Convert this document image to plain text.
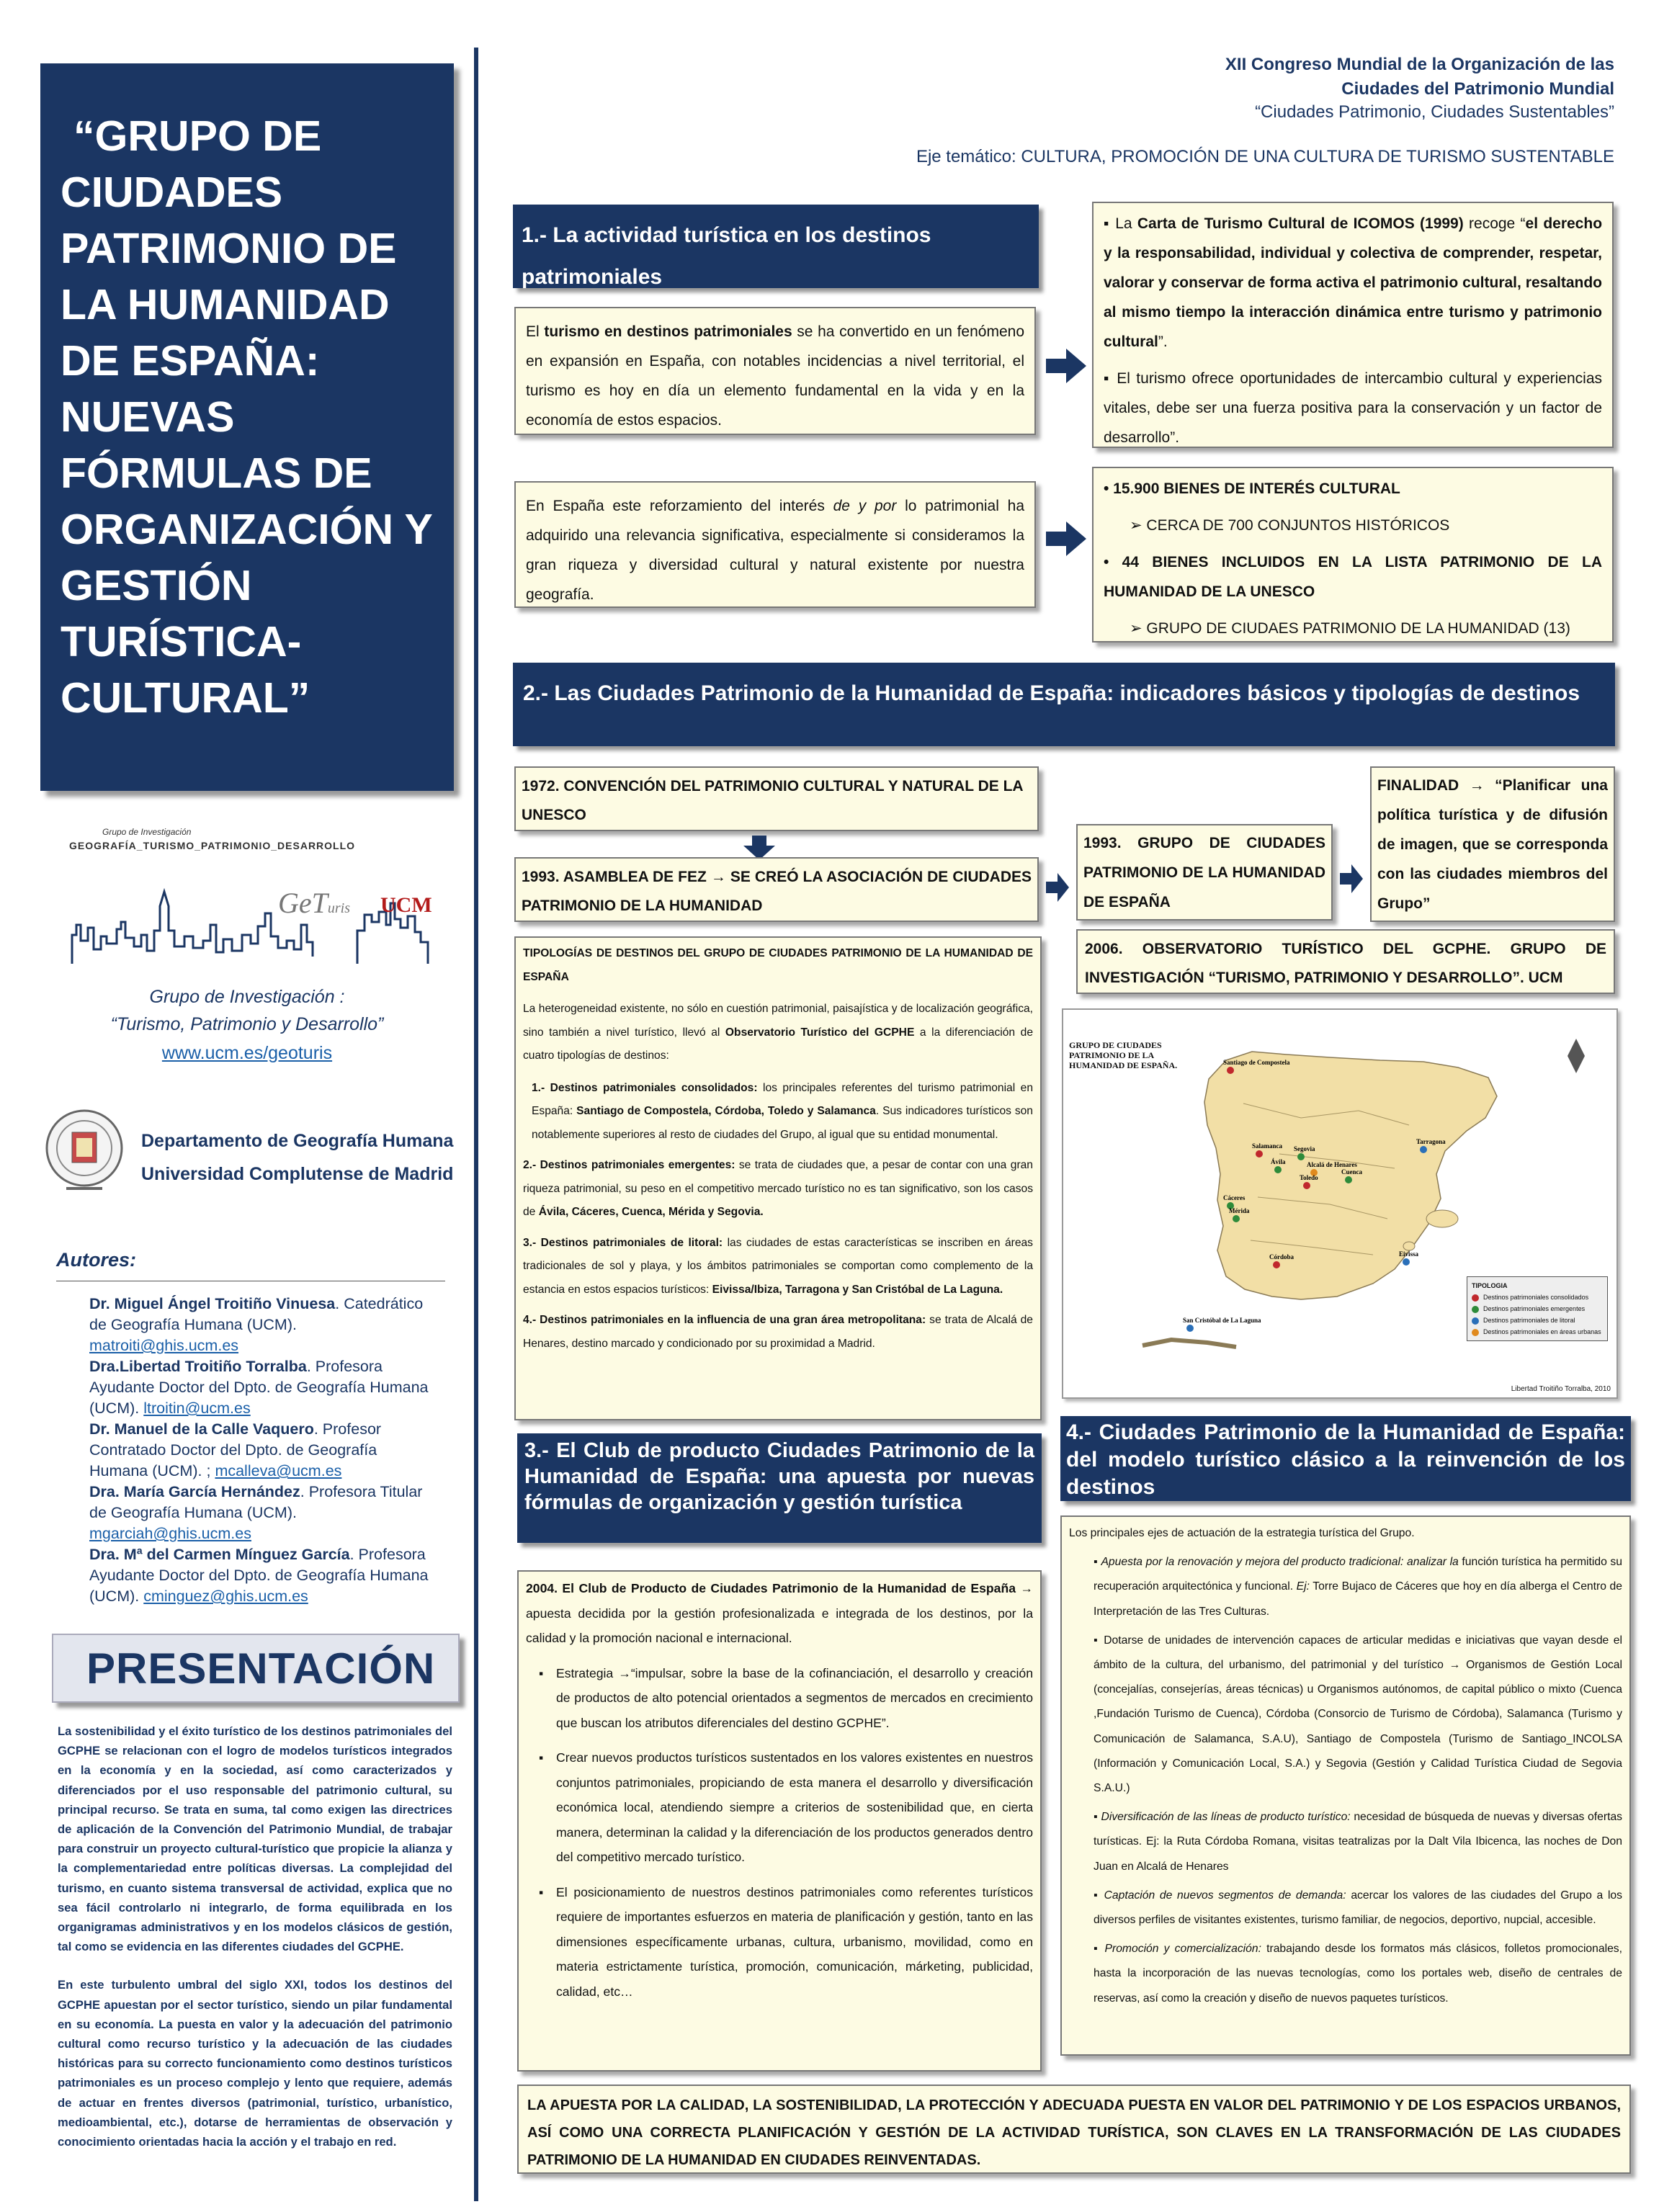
“GRUPO DE CIUDADES PATRIMONIO DE LA HUMANIDAD DE ESPAÑA: NUEVAS FÓRMULAS DE ORGANIZACIÓN Y GESTIÓN TURÍSTICA-CULTURAL”
Grupo de Investigación
GEOGRAFÍA_TURISMO_PATRIMONIO_DESARROLLO
GeTuris UCM
Grupo de Investigación :
“Turismo, Patrimonio y Desarrollo”
www.ucm.es/geoturis
Departamento de Geografía Humana
Universidad Complutense de Madrid
Autores:
Dr. Miguel Ángel Troitiño Vinuesa. Catedrático de Geografía Humana (UCM). matroiti@ghis.ucm.es
Dra.Libertad Troitiño Torralba. Profesora Ayudante Doctor del Dpto. de Geografía Humana (UCM). ltroitin@ucm.es
Dr. Manuel de la Calle Vaquero. Profesor Contratado Doctor del Dpto. de Geografía Humana (UCM). ; mcalleva@ucm.es
Dra. María García Hernández. Profesora Titular de Geografía Humana (UCM). mgarciah@ghis.ucm.es
Dra. Mª del Carmen Mínguez García. Profesora Ayudante Doctor del Dpto. de Geografía Humana (UCM). cminguez@ghis.ucm.es
PRESENTACIÓN

La sostenibilidad y el éxito turístico de los destinos patrimoniales del GCPHE se relacionan con el logro de modelos turísticos integrados en la economía y en la sociedad, así como caracterizados y diferenciados por el uso responsable del patrimonio cultural, su principal recurso. Se trata en suma, tal como exigen las directrices de aplicación de la Convención del Patrimonio Mundial, de trabajar para construir un proyecto cultural-turístico que propicie la alianza y la complementariedad entre políticas diversas. La complejidad del turismo, en cuanto sistema transversal de actividad, explica que no sea fácil controlarlo ni integrarlo, de forma equilibrada en los organigramas administrativos y en los modelos clásicos de gestión, tal como se evidencia en las diferentes ciudades del GCPHE.

En este turbulento umbral del siglo XXI, todos los destinos del GCPHE apuestan por el sector turístico, siendo un pilar fundamental en su economía. La puesta en valor y la adecuación del patrimonio cultural como recurso turístico y la adecuación de las ciudades históricas para su correcto funcionamiento como destinos turísticos patrimoniales es un proceso complejo y lento que requiere, además de actuar en frentes diversos (patrimonial, turístico, urbanístico, medioambiental, etc.), dotarse de herramientas de observación y conocimiento orientadas hacia la acción y el trabajo en red.

XII Congreso Mundial de la Organización de las
Ciudades del Patrimonio Mundial
“Ciudades Patrimonio, Ciudades Sustentables”
Eje temático: CULTURA, PROMOCIÓN DE UNA CULTURA DE TURISMO SUSTENTABLE
1.- La actividad turística en los destinos patrimoniales
El turismo en destinos patrimoniales se ha convertido en un fenómeno en expansión en España, con notables incidencias a nivel territorial, el turismo es hoy en día un elemento fundamental en la vida y en la economía de estos espacios.

▪ La Carta de Turismo Cultural de ICOMOS (1999) recoge “el derecho y la responsabilidad, individual y colectiva de comprender, respetar, valorar y conservar de forma activa el patrimonio cultural, resaltando al mismo tiempo la interacción dinámica entre turismo y patrimonio cultural”.

▪ El turismo ofrece oportunidades de intercambio cultural y experiencias vitales, debe ser una fuerza positiva para la conservación y un factor de desarrollo”.

En España este reforzamiento del interés de y por lo patrimonial ha adquirido una relevancia significativa, especialmente si consideramos la gran riqueza y diversidad cultural y natural existente por nuestra geografía.

• 15.900 BIENES DE INTERÉS CULTURAL

➢ CERCA DE 700 CONJUNTOS HISTÓRICOS

• 44 BIENES INCLUIDOS EN LA LISTA PATRIMONIO DE LA HUMANIDAD DE LA UNESCO

➢ GRUPO DE CIUDAES PATRIMONIO DE LA HUMANIDAD (13)

2.- Las Ciudades Patrimonio de la Humanidad de España: indicadores básicos y tipologías de destinos
1972. CONVENCIÓN DEL PATRIMONIO CULTURAL Y NATURAL DE LA UNESCO
1993. ASAMBLEA DE FEZ → SE CREÓ LA ASOCIACIÓN DE CIUDADES PATRIMONIO DE LA HUMANIDAD
1993. GRUPO DE CIUDADES PATRIMONIO DE LA HUMANIDAD DE ESPAÑA
FINALIDAD → “Planificar una política turística y de difusión de imagen, que se corresponda con las ciudades miembros del Grupo”
2006. OBSERVATORIO TURÍSTICO DEL GCPHE. GRUPO DE INVESTIGACIÓN “TURISMO, PATRIMONIO Y DESARROLLO”. UCM

TIPOLOGÍAS DE DESTINOS DEL GRUPO DE CIUDADES PATRIMONIO DE LA HUMANIDAD DE ESPAÑA

La heterogeneidad existente, no sólo en cuestión patrimonial, paisajística y de localización geográfica, sino también a nivel turístico, llevó al Observatorio Turístico del GCPHE a la diferenciación de cuatro tipologías de destinos:

1.- Destinos patrimoniales consolidados: los principales referentes del turismo patrimonial en España: Santiago de Compostela, Córdoba, Toledo y Salamanca. Sus indicadores turísticos son notablemente superiores al resto de ciudades del Grupo, al igual que su entidad monumental.

2.- Destinos patrimoniales emergentes: se trata de ciudades que, a pesar de contar con una gran riqueza patrimonial, su peso en el competitivo mercado turístico no es tan significativo, son los casos de Ávila, Cáceres, Cuenca, Mérida y Segovia.

3.- Destinos patrimoniales de litoral: las ciudades de estas características se inscriben en áreas tradicionales de sol y playa, y los ámbitos patrimoniales se comportan como complemento de la estancia en estos espacios turísticos: Eivissa/Ibiza, Tarragona y San Cristóbal de La Laguna.

4.- Destinos patrimoniales en la influencia de una gran área metropolitana: se trata de Alcalá de Henares, destino marcado y condicionado por su proximidad a Madrid.

GRUPO DE CIUDADES PATRIMONIO DE LA HUMANIDAD DE ESPAÑA.	Santiago de Compostela
Salamanca
Ávila
Segovia
Alcalá de Henares
Toledo
Cuenca
Cáceres
Mérida
Córdoba
Tarragona
Eivissa
San Cristóbal de La Laguna
TIPOLOGIA
Destinos patrimoniales consolidados
Destinos patrimoniales emergentes
Destinos patrimoniales de litoral
Destinos patrimoniales en áreas urbanas
Libertad Troitiño Torralba, 2010
3.- El Club de producto Ciudades Patrimonio de la Humanidad de España: una apuesta por nuevas fórmulas de organización y gestión turística

2004. El Club de Producto de Ciudades Patrimonio de la Humanidad de España → apuesta decidida por la gestión profesionalizada e integrada de los destinos, por la calidad y la promoción nacional e internacional.

▪ Estrategia →“impulsar, sobre la base de la cofinanciación, el desarrollo y creación de productos de alto potencial orientados a segmentos de mercados en crecimiento que buscan los atributos diferenciales del destino GCPHE”.
▪ Crear nuevos productos turísticos sustentados en los valores existentes en nuestros conjuntos patrimoniales, propiciando de esta manera el desarrollo y diversificación económica local, atendiendo siempre a criterios de sostenibilidad que, en cierta manera, determinan la calidad y la diferenciación de los productos generados dentro del competitivo mercado turístico.
▪ El posicionamiento de nuestros destinos patrimoniales como referentes turísticos requiere de importantes esfuerzos en materia de planificación y gestión, tanto en las dimensiones específicamente urbanas, cultura, urbanismo, movilidad, como en materia estrictamente turística, promoción, comunicación, márketing, publicidad, calidad, etc…
4.- Ciudades Patrimonio de la Humanidad de España: del modelo turístico clásico a la reinvención de los destinos

Los principales ejes de actuación de la estrategia turística del Grupo.

▪ Apuesta por la renovación y mejora del producto tradicional: analizar la función turística ha permitido su recuperación arquitectónica y funcional. Ej: Torre Bujaco de Cáceres que hoy en día alberga el Centro de Interpretación de las Tres Culturas.
▪ Dotarse de unidades de intervención capaces de articular medidas e iniciativas que vayan desde el ámbito de la cultura, del urbanismo, del patrimonial y del turístico → Organismos de Gestión Local (concejalías, consejerías, áreas técnicas) u Organismos autónomos, de capital público o mixto (Cuenca ,Fundación Turismo de Cuenca), Córdoba (Consorcio de Turismo de Córdoba), Salamanca (Turismo y Comunicación de Salamanca, S.A.U), Santiago de Compostela (Turismo de Santiago_INCOLSA (Información y Comunicación Local, S.A.) y Segovia (Gestión y Calidad Turística Ciudad de Segovia S.A.U.)
▪ Diversificación de las líneas de producto turístico: necesidad de búsqueda de nuevas y diversas ofertas turísticas. Ej: la Ruta Córdoba Romana, visitas teatralizas por la Dalt Vila Ibicenca, las noches de Don Juan en Alcalá de Henares
▪ Captación de nuevos segmentos de demanda: acercar los valores de las ciudades del Grupo a los diversos perfiles de visitantes existentes, turismo familiar, de negocios, deportivo, nupcial, accesible.
▪ Promoción y comercialización: trabajando desde los formatos más clásicos, folletos promocionales, hasta la incorporación de las nuevas tecnologías, como los portales web, diseño de centrales de reservas, así como la creación y diseño de nuevos paquetes turísticos.
LA APUESTA POR LA CALIDAD, LA SOSTENIBILIDAD, LA PROTECCIÓN Y ADECUADA PUESTA EN VALOR DEL PATRIMONIO Y DE LOS ESPACIOS URBANOS, ASÍ COMO UNA CORRECTA PLANIFICACIÓN Y GESTIÓN DE LA ACTIVIDAD TURÍSTICA, SON CLAVES EN LA TRANSFORMACIÓN DE LAS CIUDADES PATRIMONIO DE LA HUMANIDAD EN CIUDADES REINVENTADAS.
